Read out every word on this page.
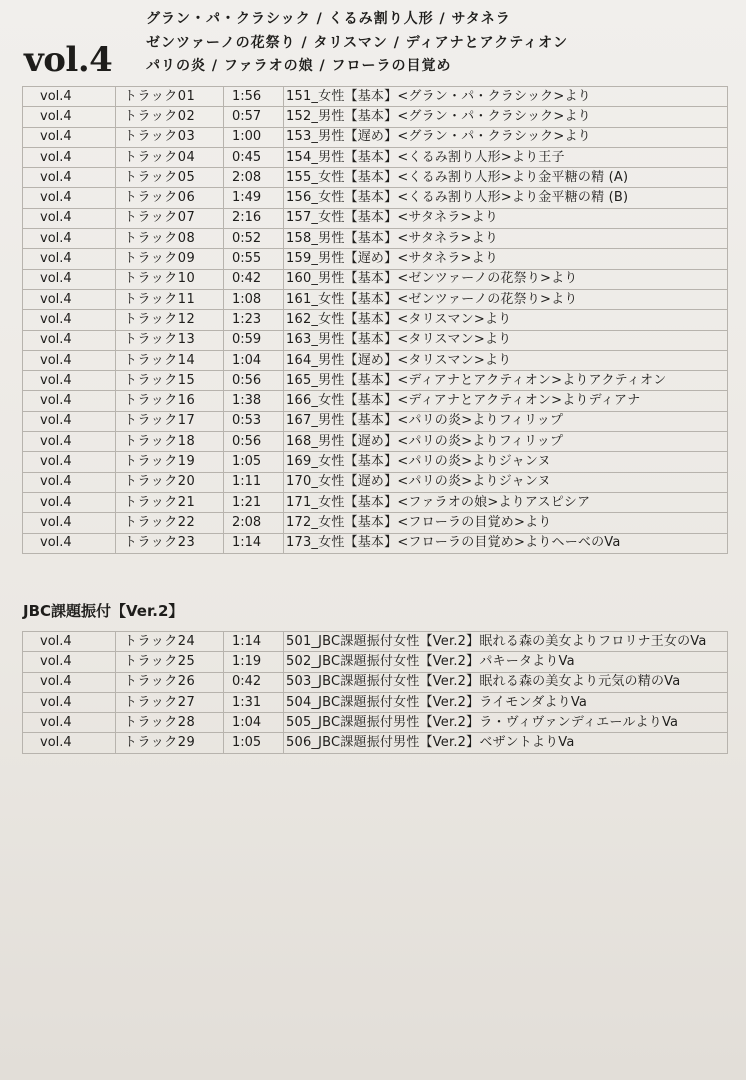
vol.4
グラン・パ・クラシック / くるみ割り人形 / サタネラ
ゼンツァーノの花祭り / タリスマン / ディアナとアクティオン
パリの炎 / ファラオの娘 / フローラの目覚め
vol.4	トラック01	1:56	151_女性【基本】<グラン・パ・クラシック>より
vol.4	トラック02	0:57	152_男性【基本】<グラン・パ・クラシック>より
vol.4	トラック03	1:00	153_男性【遅め】<グラン・パ・クラシック>より
vol.4	トラック04	0:45	154_男性【基本】<くるみ割り人形>より王子
vol.4	トラック05	2:08	155_女性【基本】<くるみ割り人形>より金平糖の精 (A)
vol.4	トラック06	1:49	156_女性【基本】<くるみ割り人形>より金平糖の精 (B)
vol.4	トラック07	2:16	157_女性【基本】<サタネラ>より
vol.4	トラック08	0:52	158_男性【基本】<サタネラ>より
vol.4	トラック09	0:55	159_男性【遅め】<サタネラ>より
vol.4	トラック10	0:42	160_男性【基本】<ゼンツァーノの花祭り>より
vol.4	トラック11	1:08	161_女性【基本】<ゼンツァーノの花祭り>より
vol.4	トラック12	1:23	162_女性【基本】<タリスマン>より
vol.4	トラック13	0:59	163_男性【基本】<タリスマン>より
vol.4	トラック14	1:04	164_男性【遅め】<タリスマン>より
vol.4	トラック15	0:56	165_男性【基本】<ディアナとアクティオン>よりアクティオン
vol.4	トラック16	1:38	166_女性【基本】<ディアナとアクティオン>よりディアナ
vol.4	トラック17	0:53	167_男性【基本】<パリの炎>よりフィリップ
vol.4	トラック18	0:56	168_男性【遅め】<パリの炎>よりフィリップ
vol.4	トラック19	1:05	169_女性【基本】<パリの炎>よりジャンヌ
vol.4	トラック20	1:11	170_女性【遅め】<パリの炎>よりジャンヌ
vol.4	トラック21	1:21	171_女性【基本】<ファラオの娘>よりアスピシア
vol.4	トラック22	2:08	172_女性【基本】<フローラの目覚め>より
vol.4	トラック23	1:14	173_女性【基本】<フローラの目覚め>よりヘーベのVa
JBC課題振付【Ver.2】
vol.4	トラック24	1:14	501_JBC課題振付女性【Ver.2】眠れる森の美女よりフロリナ王女のVa
vol.4	トラック25	1:19	502_JBC課題振付女性【Ver.2】パキータよりVa
vol.4	トラック26	0:42	503_JBC課題振付女性【Ver.2】眠れる森の美女より元気の精のVa
vol.4	トラック27	1:31	504_JBC課題振付女性【Ver.2】ライモンダよりVa
vol.4	トラック28	1:04	505_JBC課題振付男性【Ver.2】ラ・ヴィヴァンディエールよりVa
vol.4	トラック29	1:05	506_JBC課題振付男性【Ver.2】ベザントよりVa
